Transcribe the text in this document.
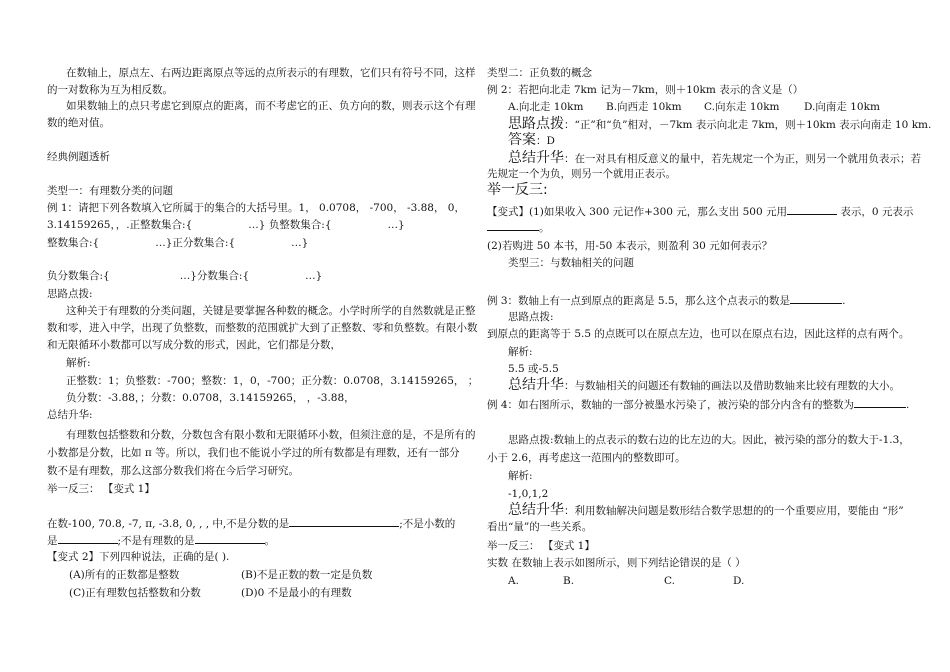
在数轴上，原点左、右两边距离原点等远的点所表示的有理数，它们只有符号不同，这样
的一对数称为互为相反数。
如果数轴上的点只考虑它到原点的距离，而不考虑它的正、负方向的数，则表示这个有理
数的绝对值。
经典例题透析
类型一：有理数分类的问题
例 1：请把下列各数填入它所属于的集合的大括号里。1， 0.0708， -700， -3.88， 0，
3.14159265，，.正整数集合:{	…} 负整数集合:{	…}
整数集合:{	…}正分数集合:{	…}
负分数集合:{	…}分数集合:{	…}
思路点拨:
这种关于有理数的分类问题，关键是要掌握各种数的概念。小学时所学的自然数就是正整
数和零，进入中学，出现了负整数，而整数的范围就扩大到了正整数、零和负整数。有限小数
和无限循环小数都可以写成分数的形式，因此，它们都是分数，
解析:
正整数：1；负整数：-700；整数：1，0，-700；正分数：0.0708，3.14159265， ；
负分数：-3.88，；分数：0.0708，3.14159265， ，-3.88，
总结升华:
有理数包括整数和分数，分数包含有限小数和无限循环小数，但须注意的是，不是所有的
小数都是分数，比如 π 等。所以，我们也不能说小学过的所有数都是有理数，还有一部分
数不是有理数，那么这部分数我们将在今后学习研究。
举一反三： 【变式 1】
在数-100, 70.8, -7, π, -3.8, 0, , , 中,不是分数的是	;不是小数的
是	;不是有理数的是	。
【变式 2】下列四种说法，正确的是( ).
(A)所有的正数都是整数	(B)不是正数的数一定是负数
(C)正有理数包括整数和分数	(D)0 不是最小的有理数
类型二：正负数的概念
例 2：若把向北走 7km 记为－7km，则＋10km 表示的含义是（）
A.向北走 10km B.向西走 10km C.向东走 10km D.向南走 10km
思路点拨：“正”和“负”相对，－7km 表示向北走 7km，则＋10km 表示向南走 10 km.
答案：D
总结升华：在一对具有相反意义的量中，若先规定一个为正，则另一个就用负表示；若
先规定一个为负，则另一个就用正表示。
举一反三:
【变式】(1)如果收入 300 元记作+300 元，那么支出 500 元用	表示，0 元表示
。
(2)若购进 50 本书，用-50 本表示，则盈利 30 元如何表示？
类型三：与数轴相关的问题
例 3：数轴上有一点到原点的距离是 5.5，那么这个点表示的数是	.
思路点拨:
到原点的距离等于 5.5 的点既可以在原点左边，也可以在原点右边，因此这样的点有两个。
解析:
5.5 或-5.5
总结升华：与数轴相关的问题还有数轴的画法以及借助数轴来比较有理数的大小。
例 4：如右图所示，数轴的一部分被墨水污染了，被污染的部分内含有的整数为	.
思路点拨:数轴上的点表示的数右边的比左边的大。因此，被污染的部分的数大于-1.3，
小于 2.6，再考虑这一范围内的整数即可。
解析:
-1,0,1,2
总结升华：利用数轴解决问题是数形结合数学思想的的一个重要应用，要能由 “形”
看出“量”的一些关系。
举一反三： 【变式 1】
实数 在数轴上表示如图所示，则下列结论错误的是（ ）
A.	B.	C.	D.
